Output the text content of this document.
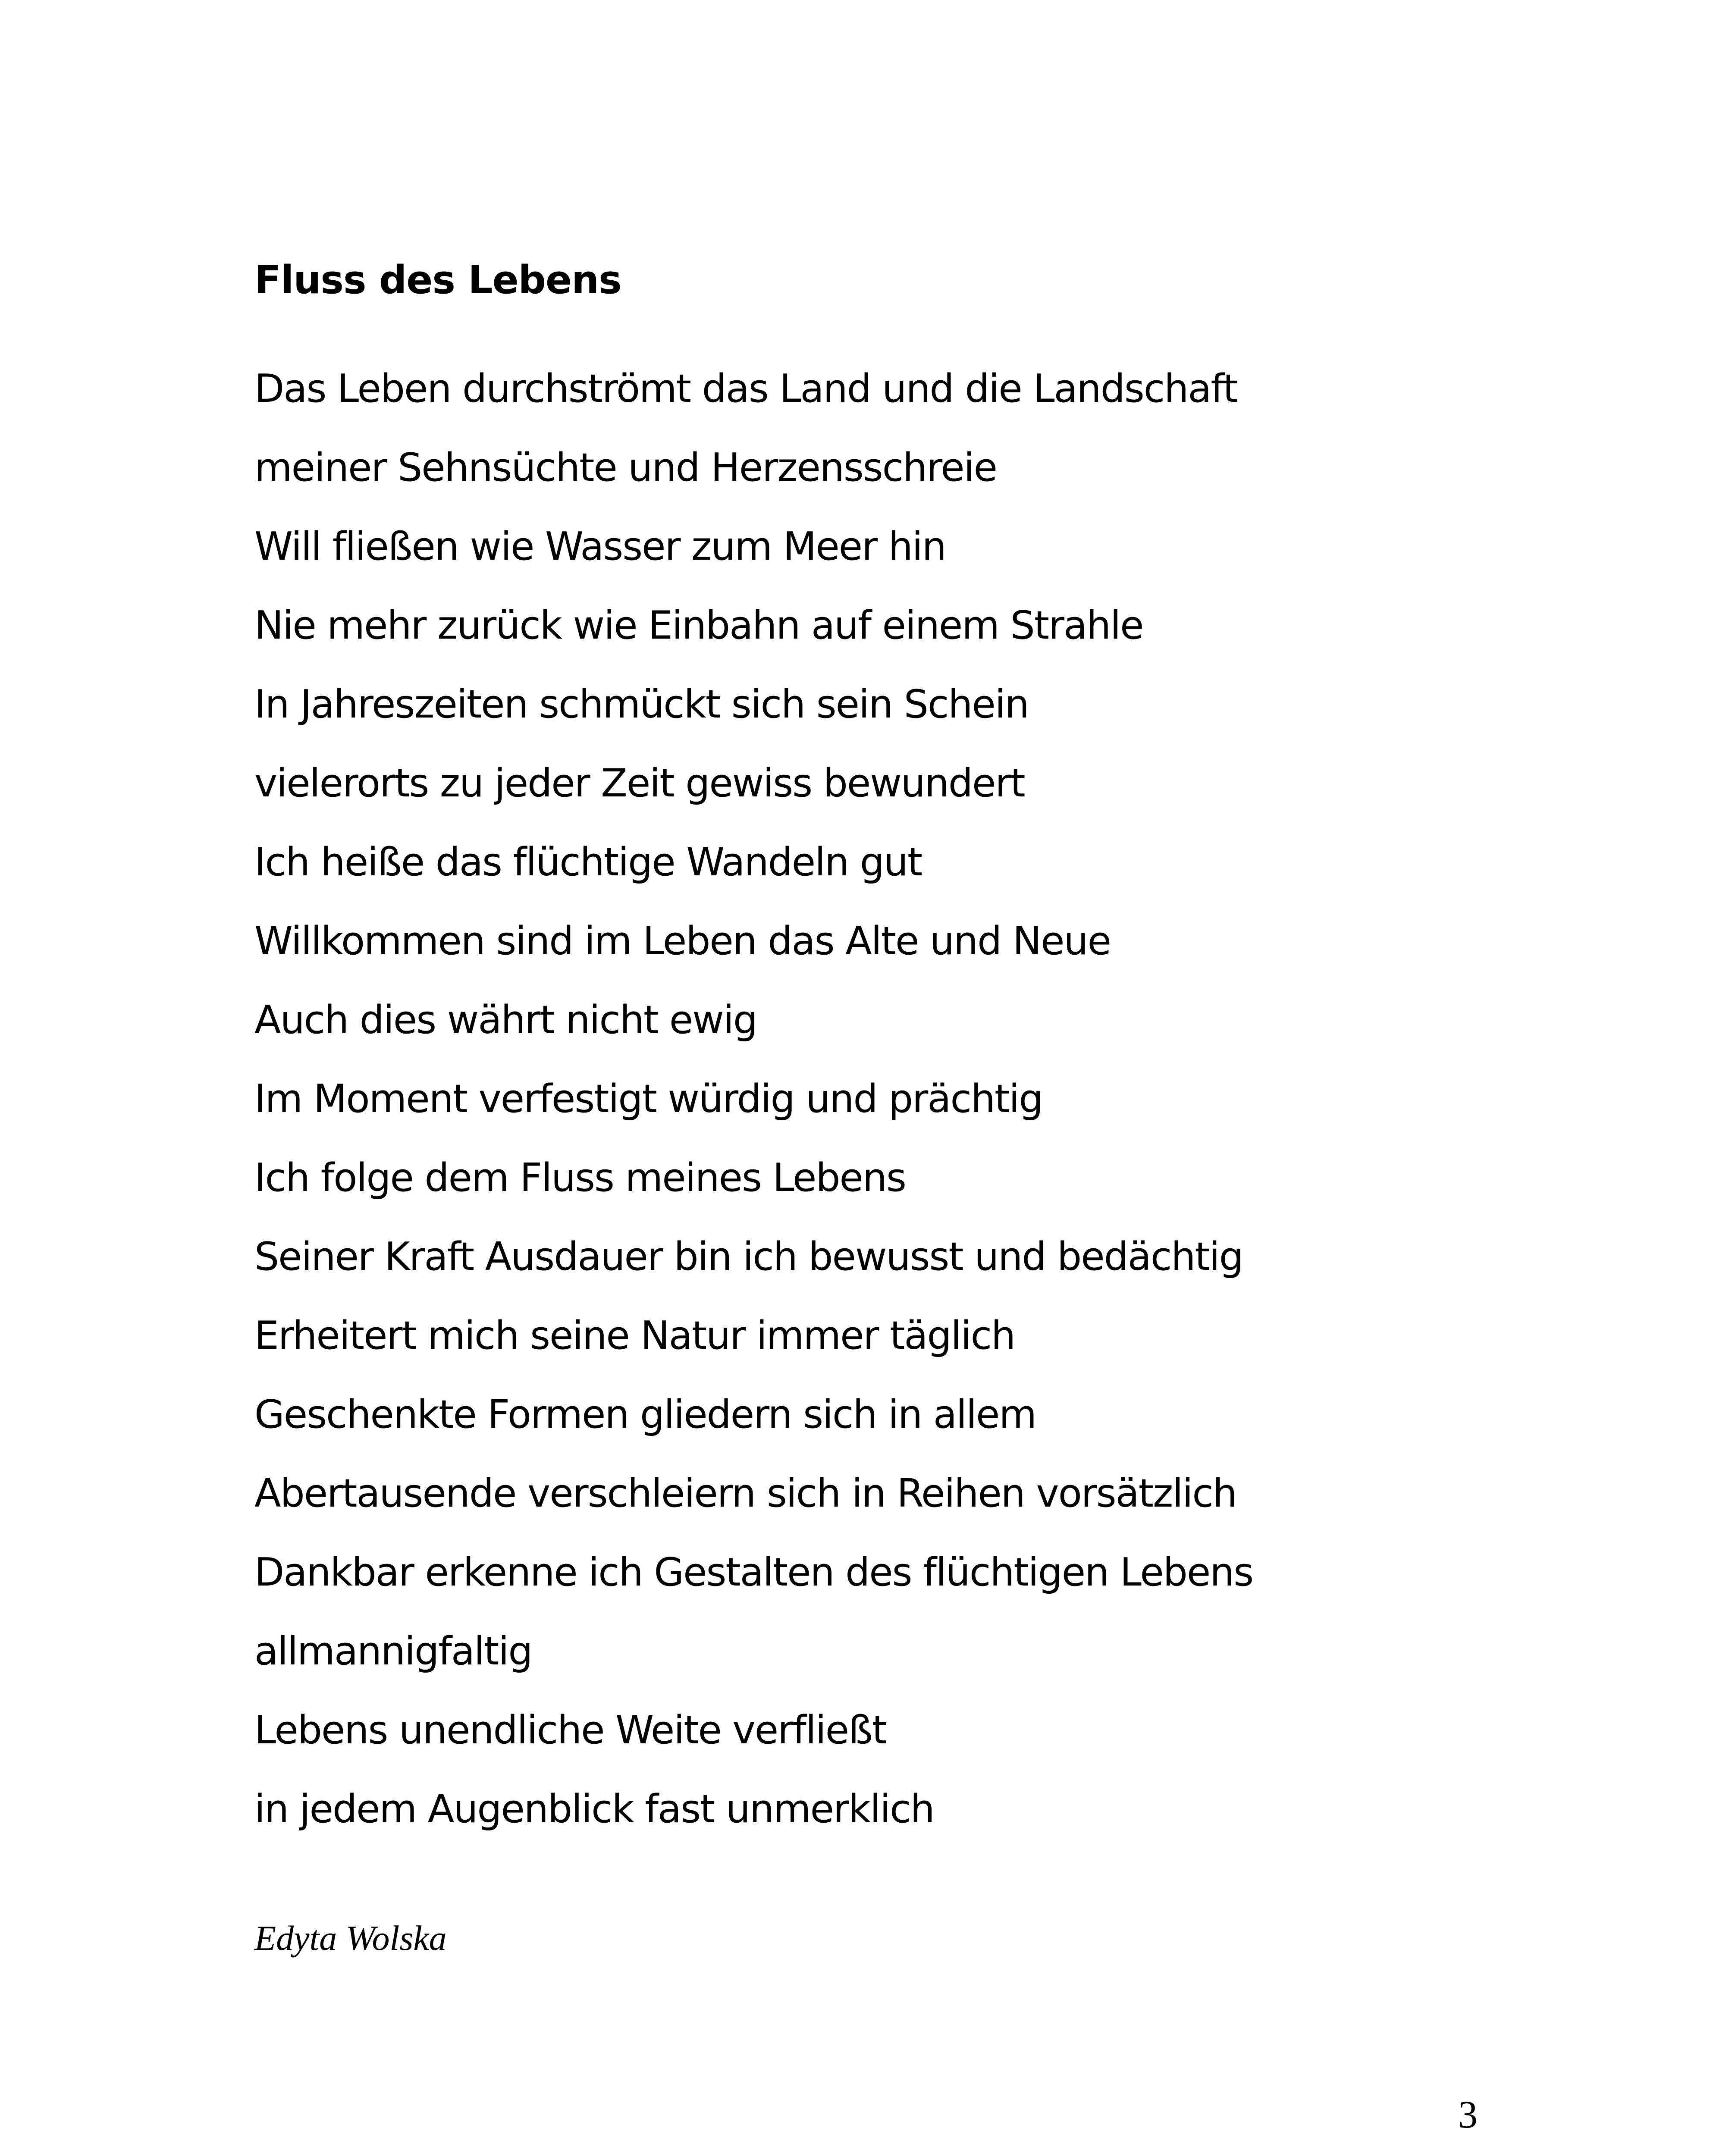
Fluss des Lebens
Das Leben durchströmt das Land und die Landschaft
meiner Sehnsüchte und Herzensschreie
Will fließen wie Wasser zum Meer hin
Nie mehr zurück wie Einbahn auf einem Strahle
In Jahreszeiten schmückt sich sein Schein
vielerorts zu jeder Zeit gewiss bewundert
Ich heiße das flüchtige Wandeln gut
Willkommen sind im Leben das Alte und Neue
Auch dies währt nicht ewig
Im Moment verfestigt würdig und prächtig
Ich folge dem Fluss meines Lebens
Seiner Kraft Ausdauer bin ich bewusst und bedächtig
Erheitert mich seine Natur immer täglich
Geschenkte Formen gliedern sich in allem
Abertausende verschleiern sich in Reihen vorsätzlich
Dankbar erkenne ich Gestalten des flüchtigen Lebens
allmannigfaltig
Lebens unendliche Weite verfließt
in jedem Augenblick fast unmerklich
Edyta Wolska
3
